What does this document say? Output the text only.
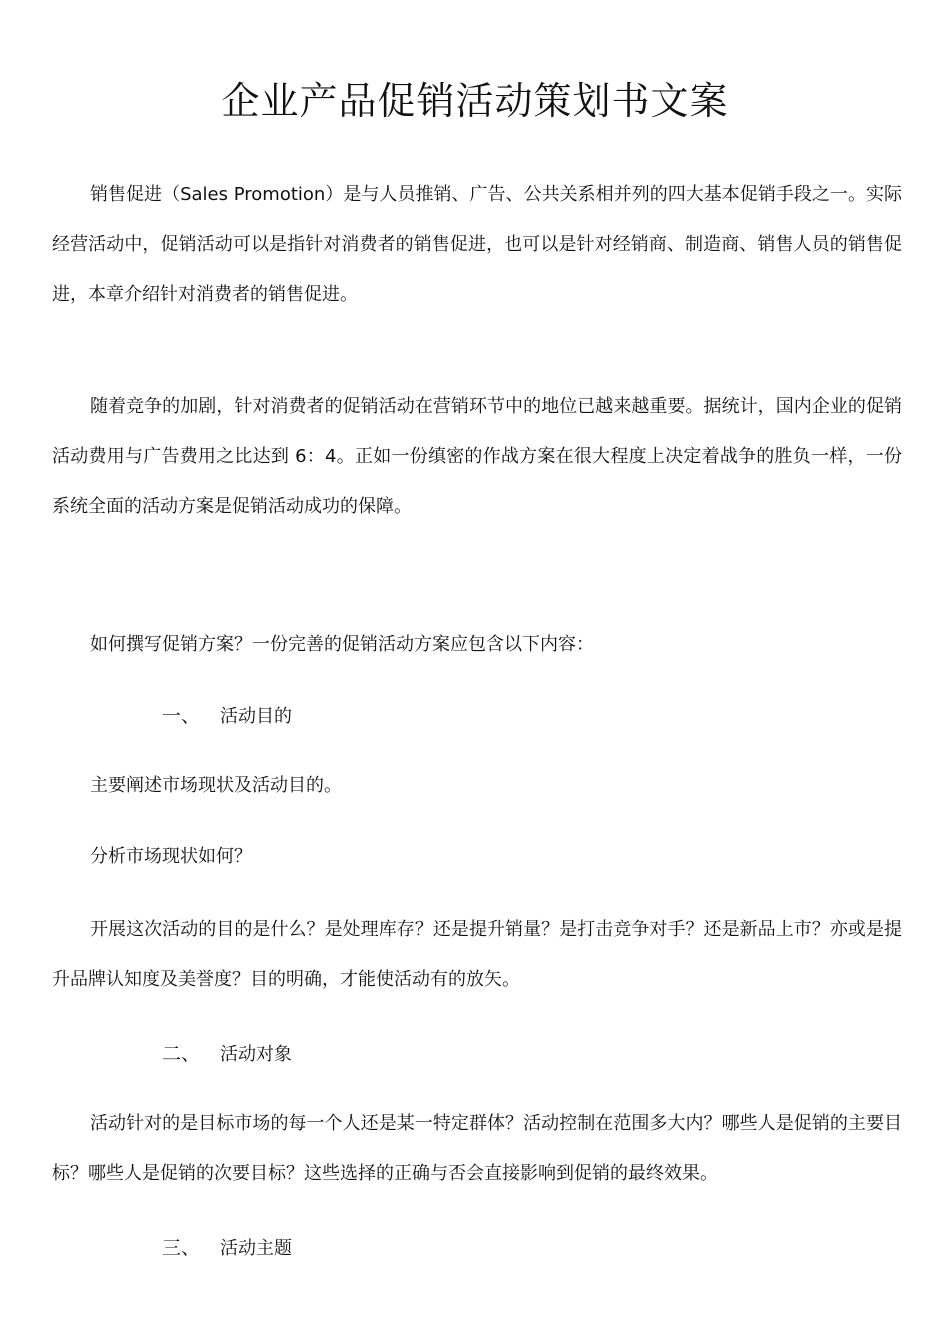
企业产品促销活动策划书文案
销售促进（Sales Promotion）是与人员推销、广告、公共关系相并列的四大基本促销手段之一。实际经营活动中，促销活动可以是指针对消费者的销售促进，也可以是针对经销商、制造商、销售人员的销售促进，本章介绍针对消费者的销售促进。
随着竞争的加剧，针对消费者的促销活动在营销环节中的地位已越来越重要。据统计，国内企业的促销活动费用与广告费用之比达到 6：4。正如一份缜密的作战方案在很大程度上决定着战争的胜负一样，一份系统全面的活动方案是促销活动成功的保障。
如何撰写促销方案？一份完善的促销活动方案应包含以下内容：
一、 活动目的
主要阐述市场现状及活动目的。
分析市场现状如何？
开展这次活动的目的是什么？是处理库存？还是提升销量？是打击竞争对手？还是新品上市？亦或是提升品牌认知度及美誉度？目的明确，才能使活动有的放矢。
二、 活动对象
活动针对的是目标市场的每一个人还是某一特定群体？活动控制在范围多大内？哪些人是促销的主要目标？哪些人是促销的次要目标？这些选择的正确与否会直接影响到促销的最终效果。
三、 活动主题
